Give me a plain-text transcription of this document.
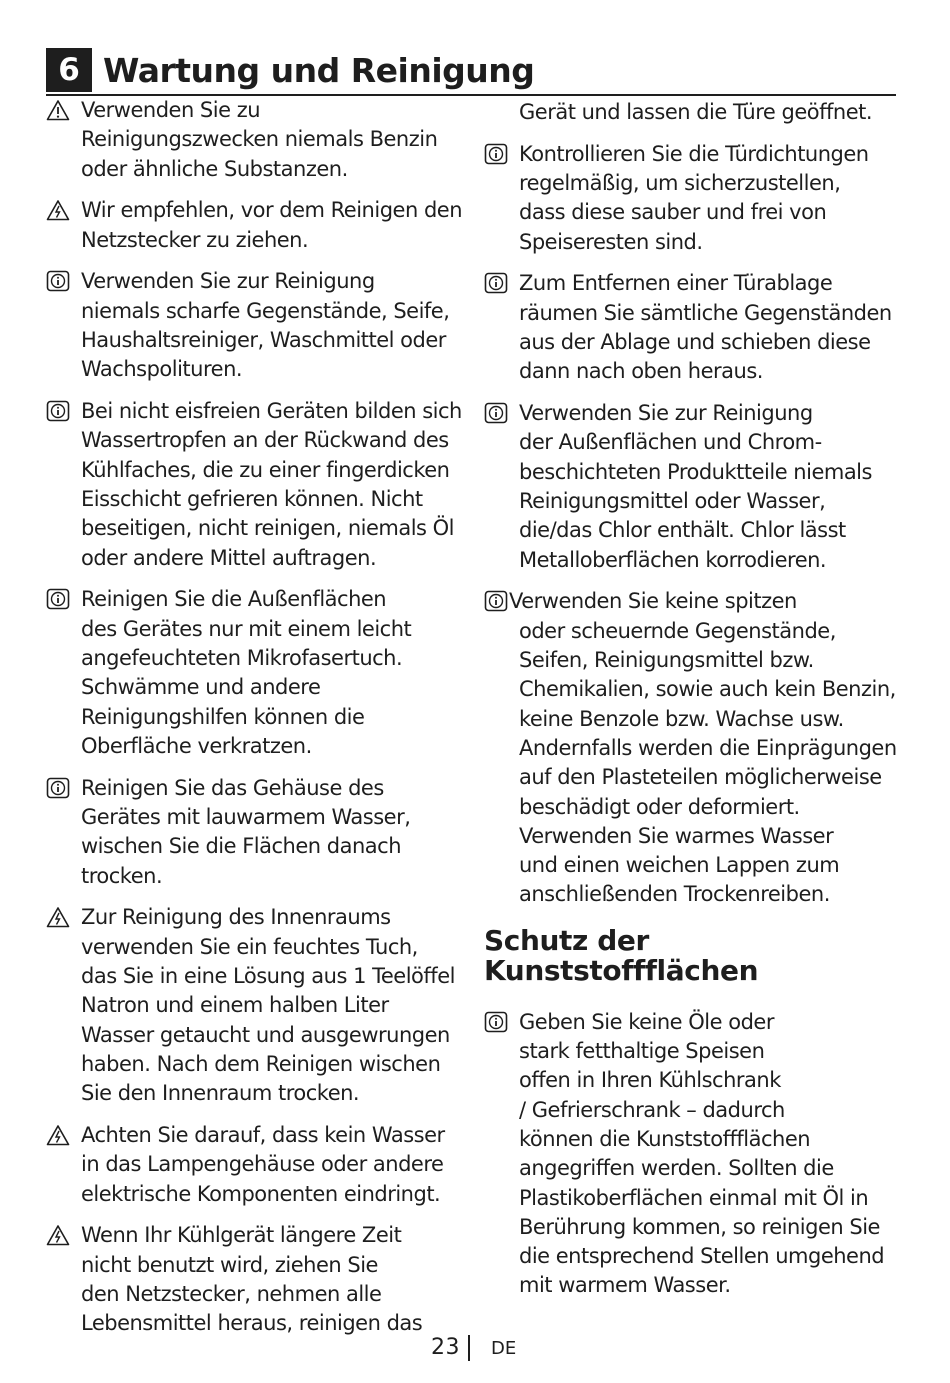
6 Wartung und Reinigung
Verwenden Sie zu
Reinigungszwecken niemals Benzin
oder ähnliche Substanzen.
Wir empfehlen, vor dem Reinigen den
Netzstecker zu ziehen.
Verwenden Sie zur Reinigung
niemals scharfe Gegenstände, Seife,
Haushaltsreiniger, Waschmittel oder
Wachspolituren.
Bei nicht eisfreien Geräten bilden sich
Wassertropfen an der Rückwand des
Kühlfaches, die zu einer fingerdicken
Eisschicht gefrieren können. Nicht
beseitigen, nicht reinigen, niemals Öl
oder andere Mittel auftragen.
Reinigen Sie die Außenflächen
des Gerätes nur mit einem leicht
angefeuchteten Mikrofasertuch.
Schwämme und andere
Reinigungshilfen können die
Oberfläche verkratzen.
Reinigen Sie das Gehäuse des
Gerätes mit lauwarmem Wasser,
wischen Sie die Flächen danach
trocken.
Zur Reinigung des Innenraums
verwenden Sie ein feuchtes Tuch,
das Sie in eine Lösung aus 1 Teelöffel
Natron und einem halben Liter
Wasser getaucht und ausgewrungen
haben. Nach dem Reinigen wischen
Sie den Innenraum trocken.
Achten Sie darauf, dass kein Wasser
in das Lampengehäuse oder andere
elektrische Komponenten eindringt.
Wenn Ihr Kühlgerät längere Zeit
nicht benutzt wird, ziehen Sie
den Netzstecker, nehmen alle
Lebensmittel heraus, reinigen das
Gerät und lassen die Türe geöffnet.
Kontrollieren Sie die Türdichtungen
regelmäßig, um sicherzustellen,
dass diese sauber und frei von
Speiseresten sind.
Zum Entfernen einer Türablage
räumen Sie sämtliche Gegenständen
aus der Ablage und schieben diese
dann nach oben heraus.
Verwenden Sie zur Reinigung
der Außenflächen und Chrom-
beschichteten Produktteile niemals
Reinigungsmittel oder Wasser,
die/das Chlor enthält. Chlor lässt
Metalloberflächen korrodieren.
Verwenden Sie keine spitzen
oder scheuernde Gegenstände,
Seifen, Reinigungsmittel bzw.
Chemikalien, sowie auch kein Benzin,
keine Benzole bzw. Wachse usw.
Andernfalls werden die Einprägungen
auf den Plasteteilen möglicherweise
beschädigt oder deformiert.
Verwenden Sie warmes Wasser
und einen weichen Lappen zum
anschließenden Trockenreiben.
Schutz der
Kunststoffflächen
Geben Sie keine Öle oder
stark fetthaltige Speisen
offen in Ihren Kühlschrank
/ Gefrierschrank – dadurch
können die Kunststoffflächen
angegriffen werden. Sollten die
Plastikoberflächen einmal mit Öl in
Berührung kommen, so reinigen Sie
die entsprechend Stellen umgehend
mit warmem Wasser.
23 DE
